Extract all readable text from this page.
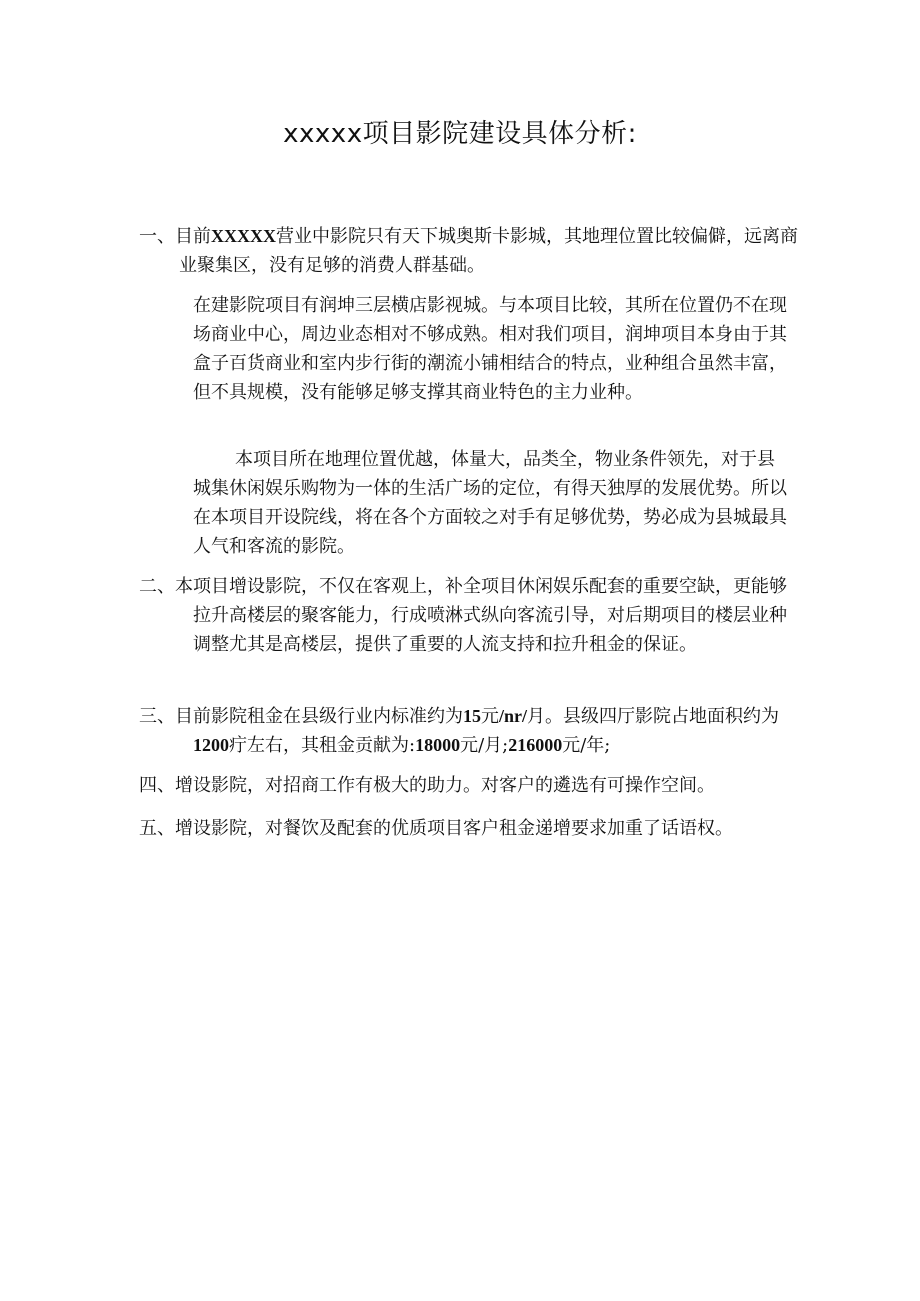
xxxxx项目影院建设具体分析:
一、目前XXXXX营业中影院只有天下城奥斯卡影城，其地理位置比较偏僻，远离商业聚集区，没有足够的消费人群基础。
在建影院项目有润坤三层横店影视城。与本项目比较，其所在位置仍不在现场商业中心，周边业态相对不够成熟。相对我们项目，润坤项目本身由于其盒子百货商业和室内步行街的潮流小铺相结合的特点，业种组合虽然丰富，但不具规模，没有能够足够支撑其商业特色的主力业种。
本项目所在地理位置优越，体量大，品类全，物业条件领先，对于县城集休闲娱乐购物为一体的生活广场的定位，有得天独厚的发展优势。所以在本项目开设院线，将在各个方面较之对手有足够优势，势必成为县城最具人气和客流的影院。
二、本项目增设影院，不仅在客观上，补全项目休闲娱乐配套的重要空缺，更能够拉升高楼层的聚客能力，行成喷淋式纵向客流引导，对后期项目的楼层业种调整尤其是高楼层，提供了重要的人流支持和拉升租金的保证。
三、目前影院租金在县级行业内标准约为15元/nr/月。县级四厅影院占地面积约为1200疔左右，其租金贡献为:18000元/月;216000元/年;
四、增设影院，对招商工作有极大的助力。对客户的遴选有可操作空间。
五、增设影院，对餐饮及配套的优质项目客户租金递增要求加重了话语权。
